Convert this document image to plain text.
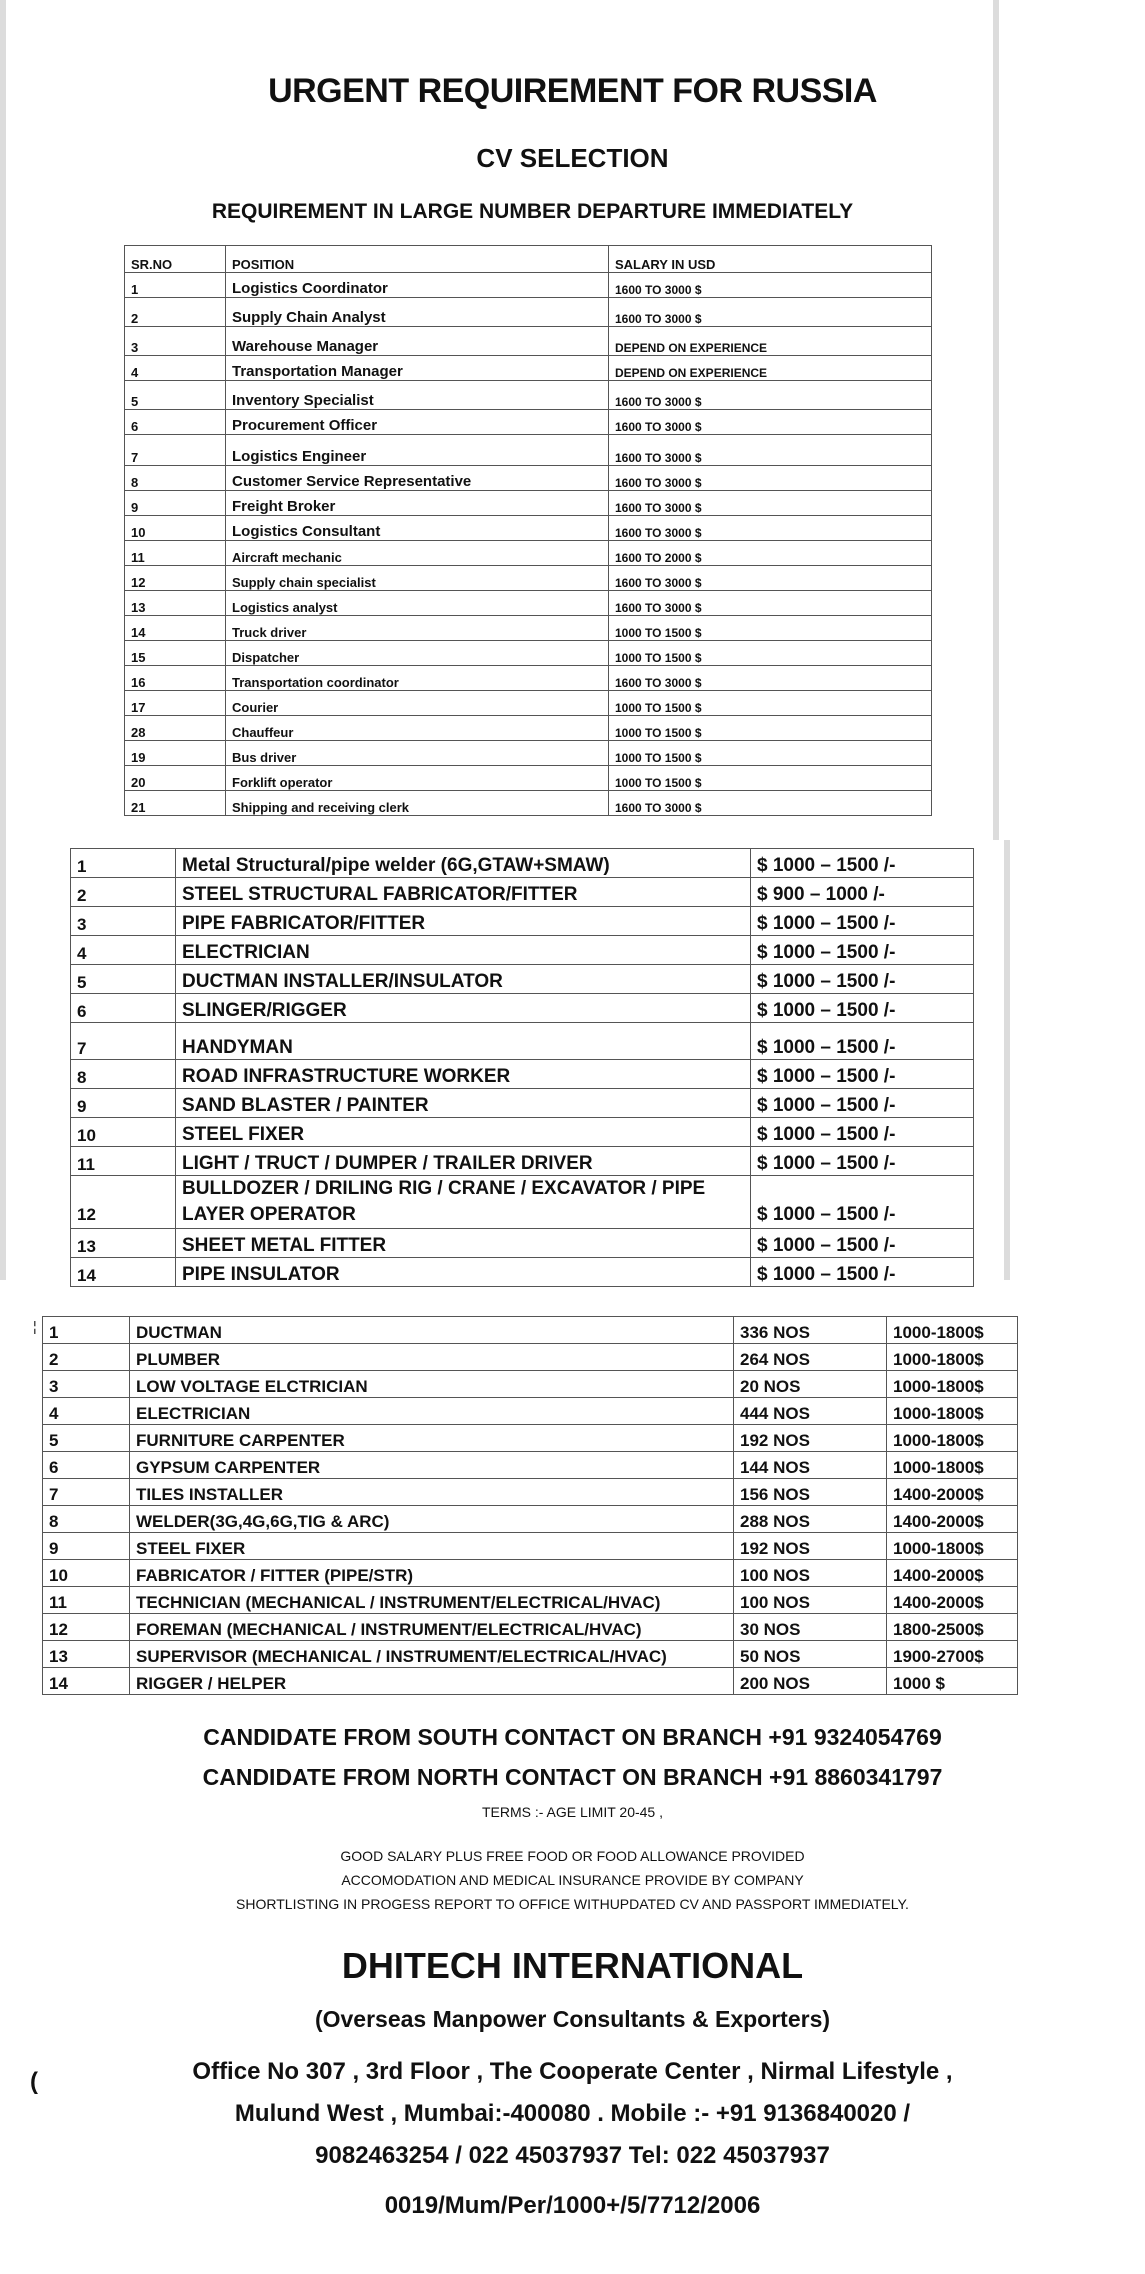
URGENT REQUIREMENT FOR RUSSIA
CV SELECTION
REQUIREMENT IN LARGE NUMBER DEPARTURE IMMEDIATELY
SR.NO	POSITION	SALARY IN USD
1	Logistics Coordinator	1600 TO 3000 $
2	Supply Chain Analyst	1600 TO 3000 $
3	Warehouse Manager	DEPEND ON EXPERIENCE
4	Transportation Manager	DEPEND ON EXPERIENCE
5	Inventory Specialist	1600 TO 3000 $
6	Procurement Officer	1600 TO 3000 $
7	Logistics Engineer	1600 TO 3000 $
8	Customer Service Representative	1600 TO 3000 $
9	Freight Broker	1600 TO 3000 $
10	Logistics Consultant	1600 TO 3000 $
11	Aircraft mechanic	1600 TO 2000 $
12	Supply chain specialist	1600 TO 3000 $
13	Logistics analyst	1600 TO 3000 $
14	Truck driver	1000 TO 1500 $
15	Dispatcher	1000 TO 1500 $
16	Transportation coordinator	1600 TO 3000 $
17	Courier	1000 TO 1500 $
28	Chauffeur	1000 TO 1500 $
19	Bus driver	1000 TO 1500 $
20	Forklift operator	1000 TO 1500 $
21	Shipping and receiving clerk	1600 TO 3000 $
1	Metal Structural/pipe welder (6G,GTAW+SMAW)	$ 1000 – 1500 /-
2	STEEL STRUCTURAL FABRICATOR/FITTER	$ 900 – 1000 /-
3	PIPE FABRICATOR/FITTER	$ 1000 – 1500 /-
4	ELECTRICIAN	$ 1000 – 1500 /-
5	DUCTMAN INSTALLER/INSULATOR	$ 1000 – 1500 /-
6	SLINGER/RIGGER	$ 1000 – 1500 /-
7	HANDYMAN	$ 1000 – 1500 /-
8	ROAD INFRASTRUCTURE WORKER	$ 1000 – 1500 /-
9	SAND BLASTER / PAINTER	$ 1000 – 1500 /-
10	STEEL FIXER	$ 1000 – 1500 /-
11	LIGHT / TRUCT / DUMPER / TRAILER DRIVER	$ 1000 – 1500 /-
12	BULLDOZER / DRILING RIG / CRANE / EXCAVATOR / PIPE LAYER OPERATOR	$ 1000 – 1500 /-
13	SHEET METAL FITTER	$ 1000 – 1500 /-
14	PIPE INSULATOR	$ 1000 – 1500 /-
¦ 1	DUCTMAN	336 NOS	1000-1800$
2	PLUMBER	264 NOS	1000-1800$
3	LOW VOLTAGE ELCTRICIAN	20 NOS	1000-1800$
4	ELECTRICIAN	444 NOS	1000-1800$
5	FURNITURE CARPENTER	192 NOS	1000-1800$
6	GYPSUM CARPENTER	144 NOS	1000-1800$
7	TILES INSTALLER	156 NOS	1400-2000$
8	WELDER(3G,4G,6G,TIG & ARC)	288 NOS	1400-2000$
9	STEEL FIXER	192 NOS	1000-1800$
10	FABRICATOR / FITTER (PIPE/STR)	100 NOS	1400-2000$
11	TECHNICIAN (MECHANICAL / INSTRUMENT/ELECTRICAL/HVAC)	100 NOS	1400-2000$
12	FOREMAN (MECHANICAL / INSTRUMENT/ELECTRICAL/HVAC)	30 NOS	1800-2500$
13	SUPERVISOR (MECHANICAL / INSTRUMENT/ELECTRICAL/HVAC)	50 NOS	1900-2700$
14	RIGGER / HELPER	200 NOS	1000 $
CANDIDATE FROM SOUTH CONTACT ON BRANCH +91 9324054769
CANDIDATE FROM NORTH CONTACT ON BRANCH +91 8860341797
TERMS :- AGE LIMIT 20-45 ,
GOOD SALARY PLUS FREE FOOD OR FOOD ALLOWANCE PROVIDED
ACCOMODATION AND MEDICAL INSURANCE PROVIDE BY COMPANY
SHORTLISTING IN PROGESS REPORT TO OFFICE WITHUPDATED CV AND PASSPORT IMMEDIATELY.
DHITECH INTERNATIONAL
(Overseas Manpower Consultants & Exporters)
(	Office No 307 , 3rd Floor , The Cooperate Center , Nirmal Lifestyle ,
Mulund West , Mumbai:-400080 . Mobile :- +91 9136840020 /
9082463254 / 022 45037937 Tel: 022 45037937
0019/Mum/Per/1000+/5/7712/2006
